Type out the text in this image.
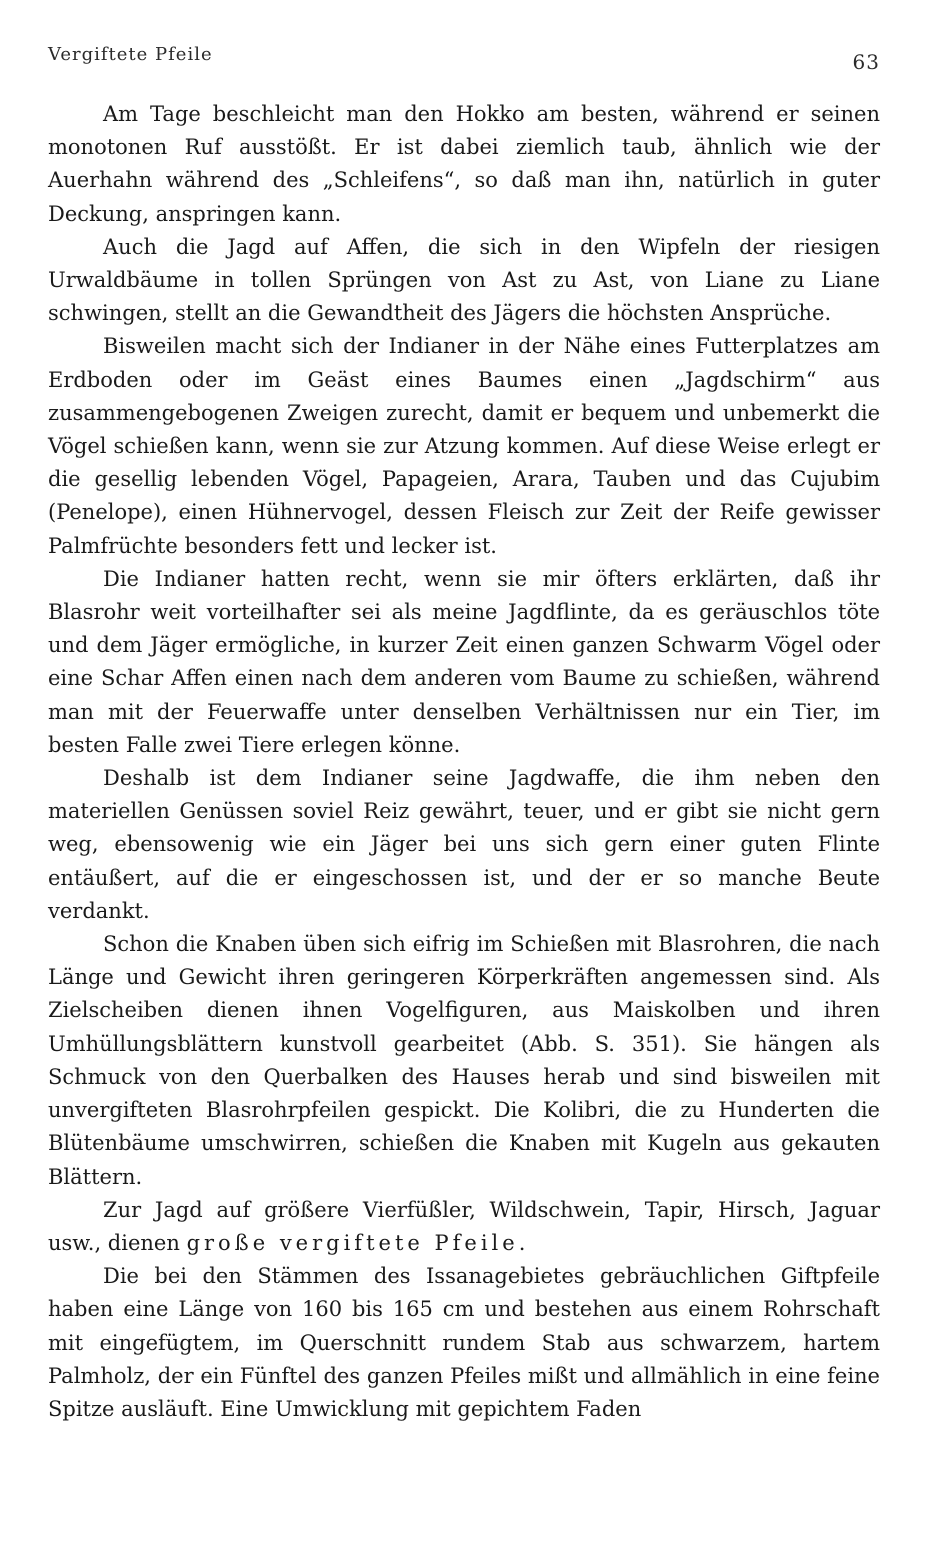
Vergiftete Pfeile	63

Am Tage beschleicht man den Hokko am besten, während er seinen monotonen Ruf ausstößt. Er ist dabei ziemlich taub, ähnlich wie der Auerhahn während des „Schleifens“, so daß man ihn, natürlich in guter Deckung, anspringen kann.

Auch die Jagd auf Affen, die sich in den Wipfeln der riesigen Urwaldbäume in tollen Sprüngen von Ast zu Ast, von Liane zu Liane schwingen, stellt an die Gewandtheit des Jägers die höchsten Ansprüche.

Bisweilen macht sich der Indianer in der Nähe eines Futterplatzes am Erdboden oder im Geäst eines Baumes einen „Jagdschirm“ aus zusammengebogenen Zweigen zurecht, damit er bequem und unbemerkt die Vögel schießen kann, wenn sie zur Atzung kommen. Auf diese Weise erlegt er die gesellig lebenden Vögel, Papageien, Arara, Tauben und das Cujubim (Penelope), einen Hühnervogel, dessen Fleisch zur Zeit der Reife gewisser Palmfrüchte besonders fett und lecker ist.

Die Indianer hatten recht, wenn sie mir öfters erklärten, daß ihr Blasrohr weit vorteilhafter sei als meine Jagdflinte, da es geräuschlos töte und dem Jäger ermögliche, in kurzer Zeit einen ganzen Schwarm Vögel oder eine Schar Affen einen nach dem anderen vom Baume zu schießen, während man mit der Feuerwaffe unter denselben Verhältnissen nur ein Tier, im besten Falle zwei Tiere erlegen könne.

Deshalb ist dem Indianer seine Jagdwaffe, die ihm neben den materiellen Genüssen soviel Reiz gewährt, teuer, und er gibt sie nicht gern weg, ebensowenig wie ein Jäger bei uns sich gern einer guten Flinte entäußert, auf die er eingeschossen ist, und der er so manche Beute verdankt.

Schon die Knaben üben sich eifrig im Schießen mit Blasrohren, die nach Länge und Gewicht ihren geringeren Körperkräften angemessen sind. Als Zielscheiben dienen ihnen Vogelfiguren, aus Maiskolben und ihren Umhüllungsblättern kunstvoll gearbeitet (Abb. S. 351). Sie hängen als Schmuck von den Querbalken des Hauses herab und sind bisweilen mit unvergifteten Blasrohrpfeilen gespickt. Die Kolibri, die zu Hunderten die Blütenbäume umschwirren, schießen die Knaben mit Kugeln aus gekauten Blättern.

Zur Jagd auf größere Vierfüßler, Wildschwein, Tapir, Hirsch, Jaguar usw., dienen große vergiftete Pfeile.

Die bei den Stämmen des Issanagebietes gebräuchlichen Giftpfeile haben eine Länge von 160 bis 165 cm und bestehen aus einem Rohrschaft mit eingefügtem, im Querschnitt rundem Stab aus schwarzem, hartem Palmholz, der ein Fünftel des ganzen Pfeiles mißt und allmählich in eine feine Spitze ausläuft. Eine Umwicklung mit gepichtem Faden
